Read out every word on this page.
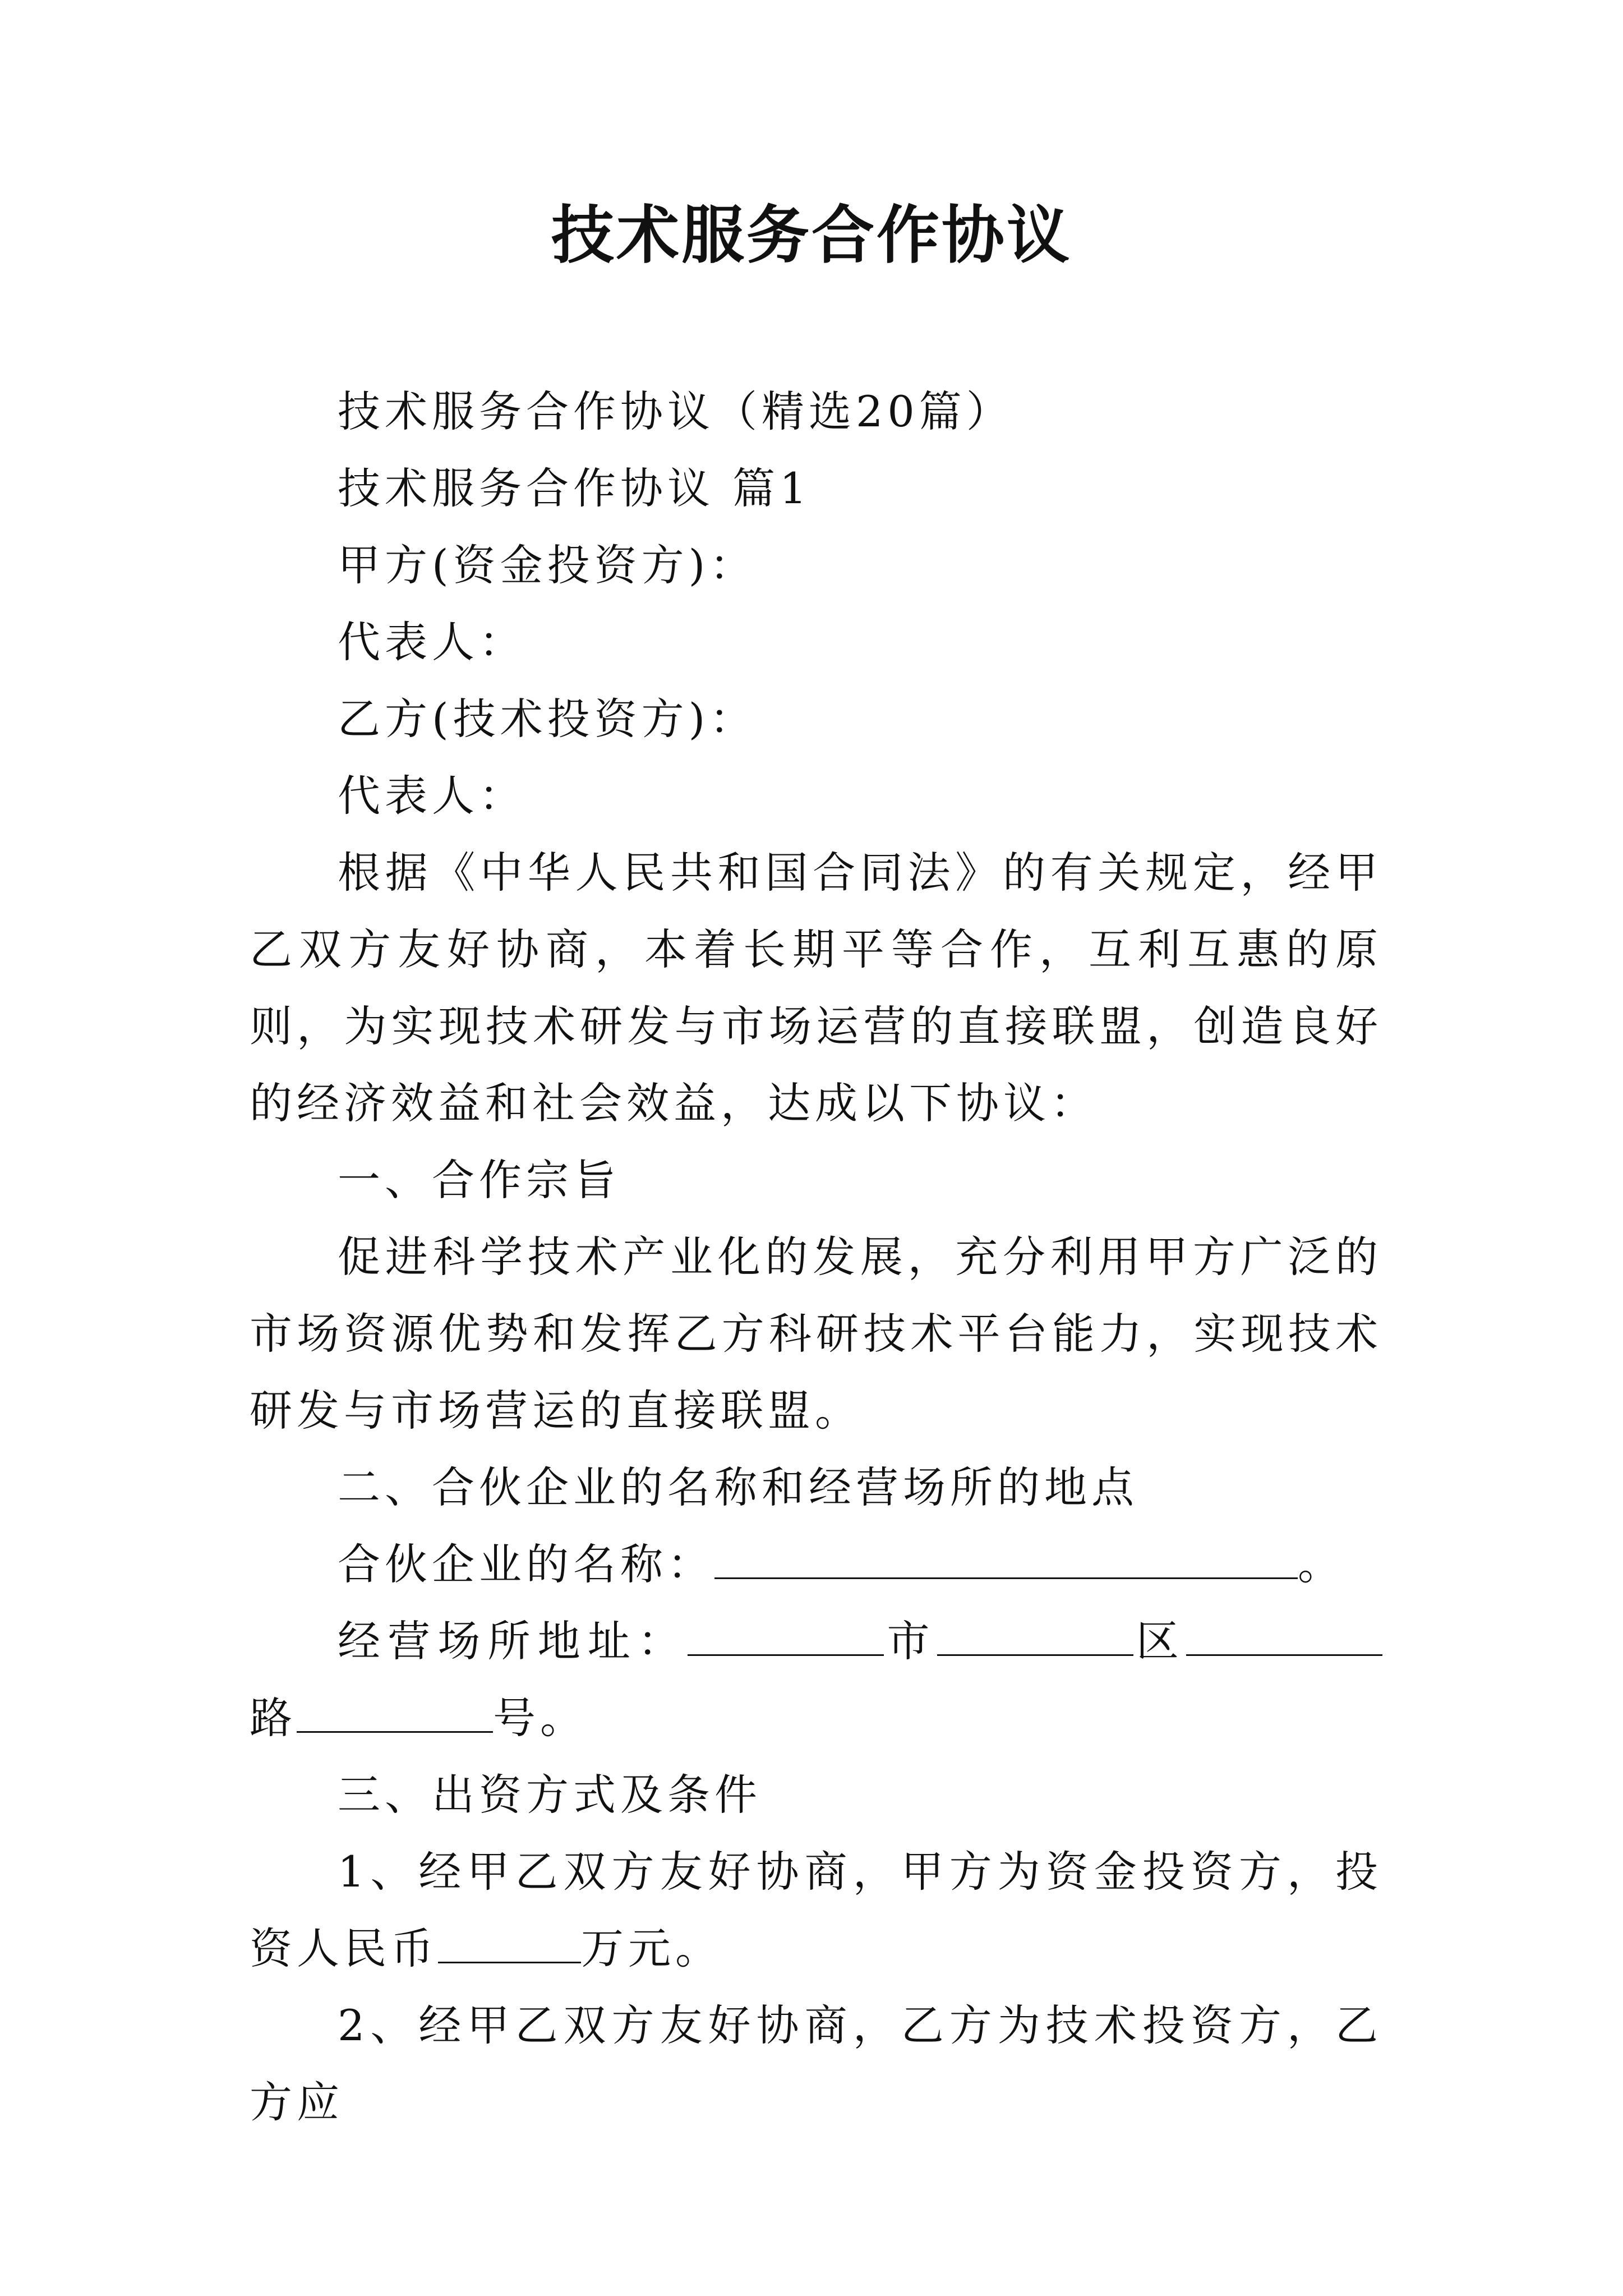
技术服务合作协议

技术服务合作协议（精选20篇）

技术服务合作协议 篇1

甲方(资金投资方)：

代表人：

乙方(技术投资方)：

代表人：

根据《中华人民共和国合同法》的有关规定，经甲乙双方友好协商，本着长期平等合作，互利互惠的原则，为实现技术研发与市场运营的直接联盟，创造良好的经济效益和社会效益，达成以下协议：

一、合作宗旨

促进科学技术产业化的发展，充分利用甲方广泛的市场资源优势和发挥乙方科研技术平台能力，实现技术研发与市场营运的直接联盟。

二、合伙企业的名称和经营场所的地点

合伙企业的名称：	。

经营场所地址：	市	区路	号。

三、出资方式及条件

1、经甲乙双方友好协商，甲方为资金投资方，投资人民币	万元。

2、经甲乙双方友好协商，乙方为技术投资方，乙方应
